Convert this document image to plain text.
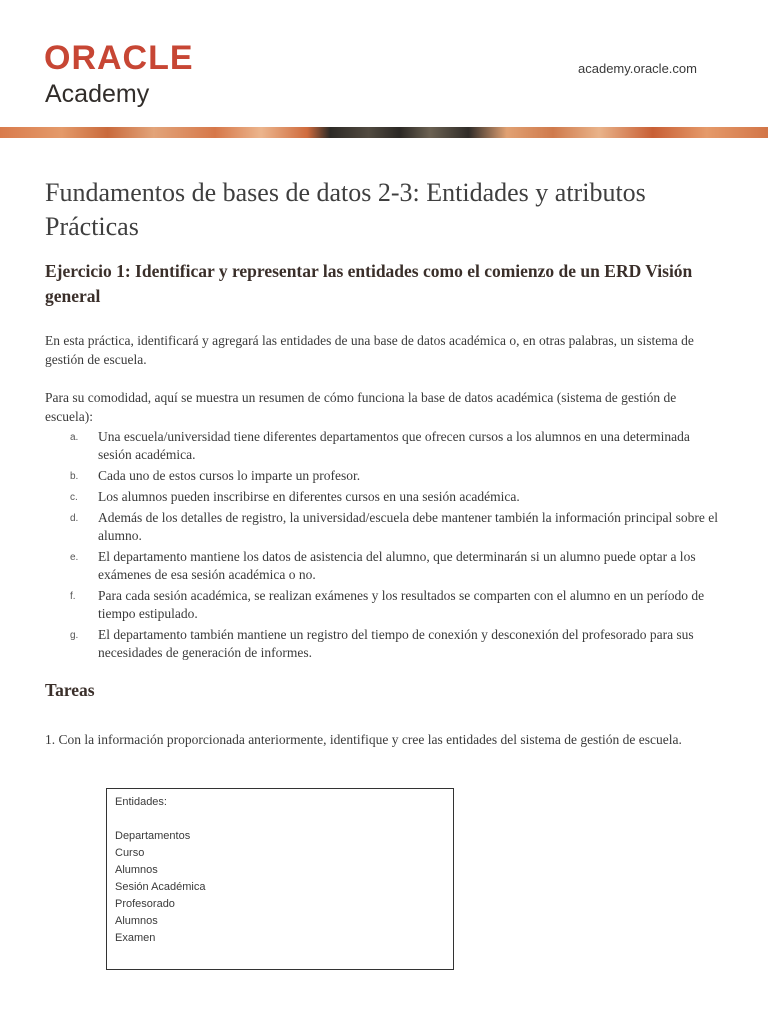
ORACLE
Academy
academy.oracle.com
Fundamentos de bases de datos 2-3: Entidades y atributos
Prácticas
Ejercicio 1: Identificar y representar las entidades como el comienzo de un ERD Visión general

En esta práctica, identificará y agregará las entidades de una base de datos académica o, en otras palabras, un sistema de gestión de escuela.

Para su comodidad, aquí se muestra un resumen de cómo funciona la base de datos académica (sistema de gestión de escuela):

a. Una escuela/universidad tiene diferentes departamentos que ofrecen cursos a los alumnos en una determinada sesión académica.
b. Cada uno de estos cursos lo imparte un profesor.
c. Los alumnos pueden inscribirse en diferentes cursos en una sesión académica.
d. Además de los detalles de registro, la universidad/escuela debe mantener también la información principal sobre el alumno.
e. El departamento mantiene los datos de asistencia del alumno, que determinarán si un alumno puede optar a los exámenes de esa sesión académica o no.
f. Para cada sesión académica, se realizan exámenes y los resultados se comparten con el alumno en un período de tiempo estipulado.
g. El departamento también mantiene un registro del tiempo de conexión y desconexión del profesorado para sus necesidades de generación de informes.
Tareas

1. Con la información proporcionada anteriormente, identifique y cree las entidades del sistema de gestión de escuela.

Entidades:
Departamentos
Curso
Alumnos
Sesión Académica
Profesorado
Alumnos
Examen
